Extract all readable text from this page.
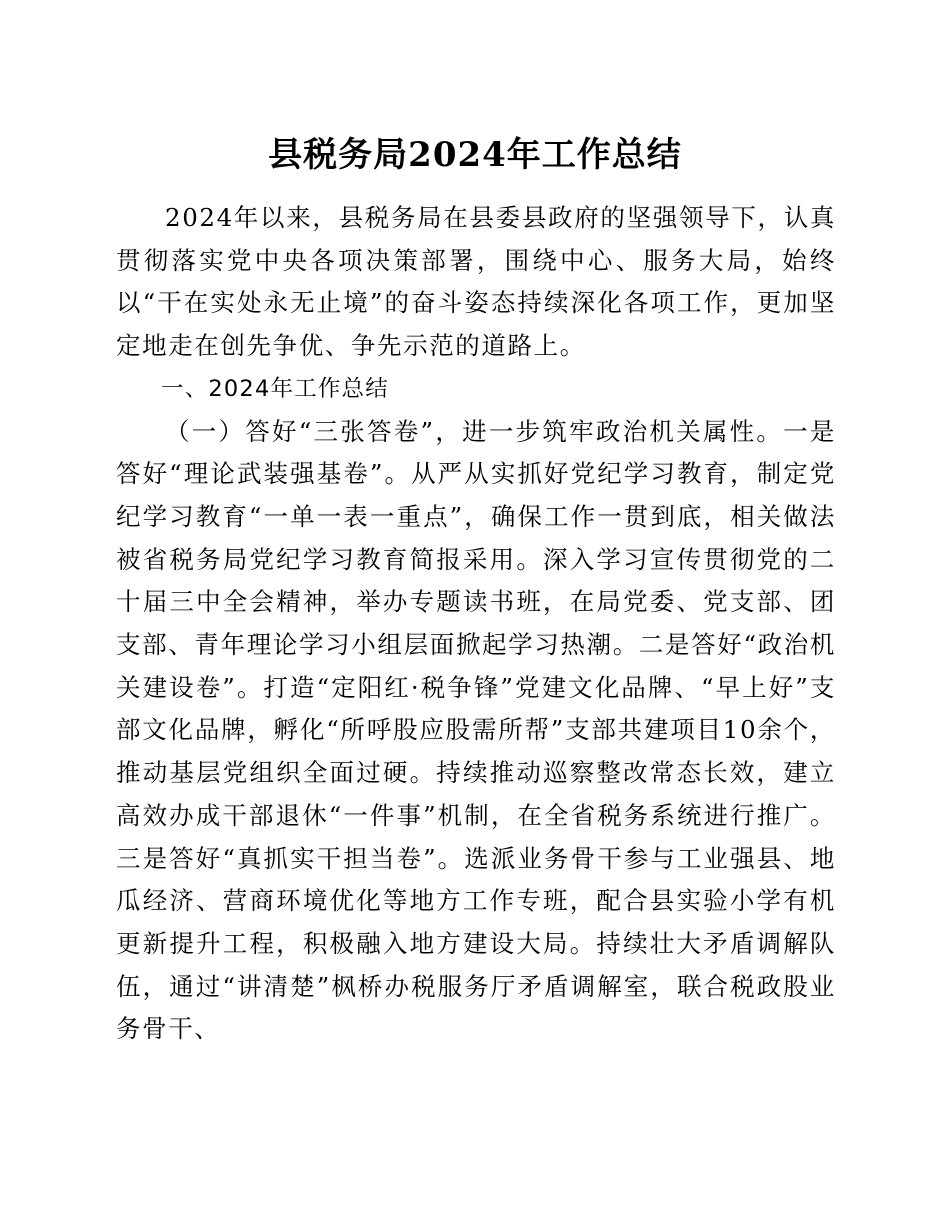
县税务局2024年工作总结

2024年以来，县税务局在县委县政府的坚强领导下，认真贯彻落实党中央各项决策部署，围绕中心、服务大局，始终以“干在实处永无止境”的奋斗姿态持续深化各项工作，更加坚定地走在创先争优、争先示范的道路上。

一、2024年工作总结

（一）答好“三张答卷”，进一步筑牢政治机关属性。一是答好“理论武装强基卷”。从严从实抓好党纪学习教育，制定党纪学习教育“一单一表一重点”，确保工作一贯到底，相关做法被省税务局党纪学习教育简报采用。深入学习宣传贯彻党的二十届三中全会精神，举办专题读书班，在局党委、党支部、团支部、青年理论学习小组层面掀起学习热潮。二是答好“政治机关建设卷”。打造“定阳红·税争锋”党建文化品牌、“早上好”支部文化品牌，孵化“所呼股应股需所帮”支部共建项目10余个，推动基层党组织全面过硬。持续推动巡察整改常态长效，建立高效办成干部退休“一件事”机制，在全省税务系统进行推广。三是答好“真抓实干担当卷”。选派业务骨干参与工业强县、地瓜经济、营商环境优化等地方工作专班，配合县实验小学有机更新提升工程，积极融入地方建设大局。持续壮大矛盾调解队伍，通过“讲清楚”枫桥办税服务厅矛盾调解室，联合税政股业务骨干、
